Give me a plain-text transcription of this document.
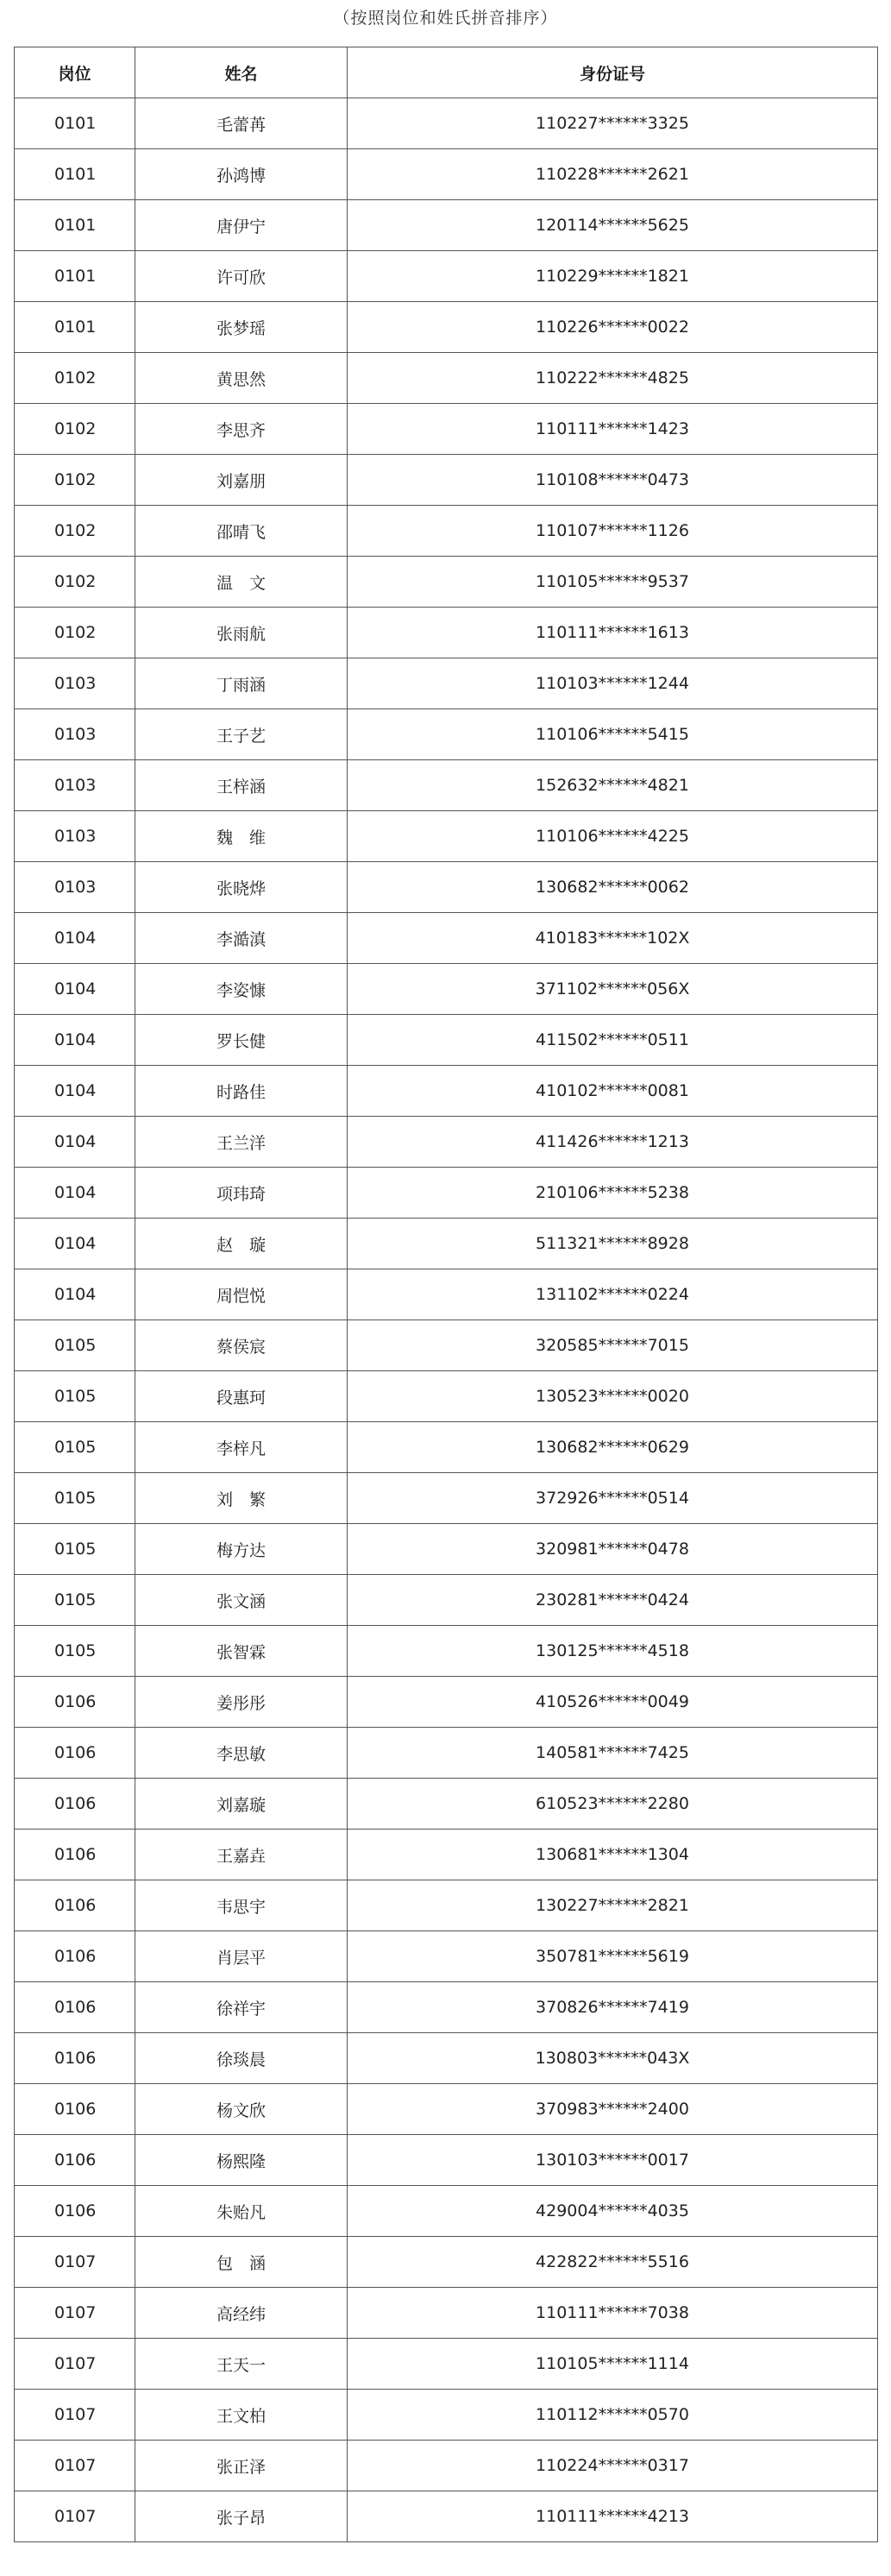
（按照岗位和姓氏拼音排序）
岗位	姓名	身份证号
0101	毛蕾苒	110227******3325
0101	孙鸿博	110228******2621
0101	唐伊宁	120114******5625
0101	许可欣	110229******1821
0101	张梦瑶	110226******0022
0102	黄思然	110222******4825
0102	李思齐	110111******1423
0102	刘嘉朋	110108******0473
0102	邵晴飞	110107******1126
0102	温　文	110105******9537
0102	张雨航	110111******1613
0103	丁雨涵	110103******1244
0103	王子艺	110106******5415
0103	王梓涵	152632******4821
0103	魏　维	110106******4225
0103	张晓烨	130682******0062
0104	李澔滇	410183******102X
0104	李姿慷	371102******056X
0104	罗长健	411502******0511
0104	时路佳	410102******0081
0104	王兰洋	411426******1213
0104	项玮琦	210106******5238
0104	赵　璇	511321******8928
0104	周恺悦	131102******0224
0105	蔡侯宸	320585******7015
0105	段惠珂	130523******0020
0105	李梓凡	130682******0629
0105	刘　繁	372926******0514
0105	梅方达	320981******0478
0105	张文涵	230281******0424
0105	张智霖	130125******4518
0106	姜彤彤	410526******0049
0106	李思敏	140581******7425
0106	刘嘉璇	610523******2280
0106	王嘉垚	130681******1304
0106	韦思宇	130227******2821
0106	肖层平	350781******5619
0106	徐祥宇	370826******7419
0106	徐琰晨	130803******043X
0106	杨文欣	370983******2400
0106	杨熙隆	130103******0017
0106	朱贻凡	429004******4035
0107	包　涵	422822******5516
0107	高经纬	110111******7038
0107	王天一	110105******1114
0107	王文柏	110112******0570
0107	张正泽	110224******0317
0107	张子昂	110111******4213
